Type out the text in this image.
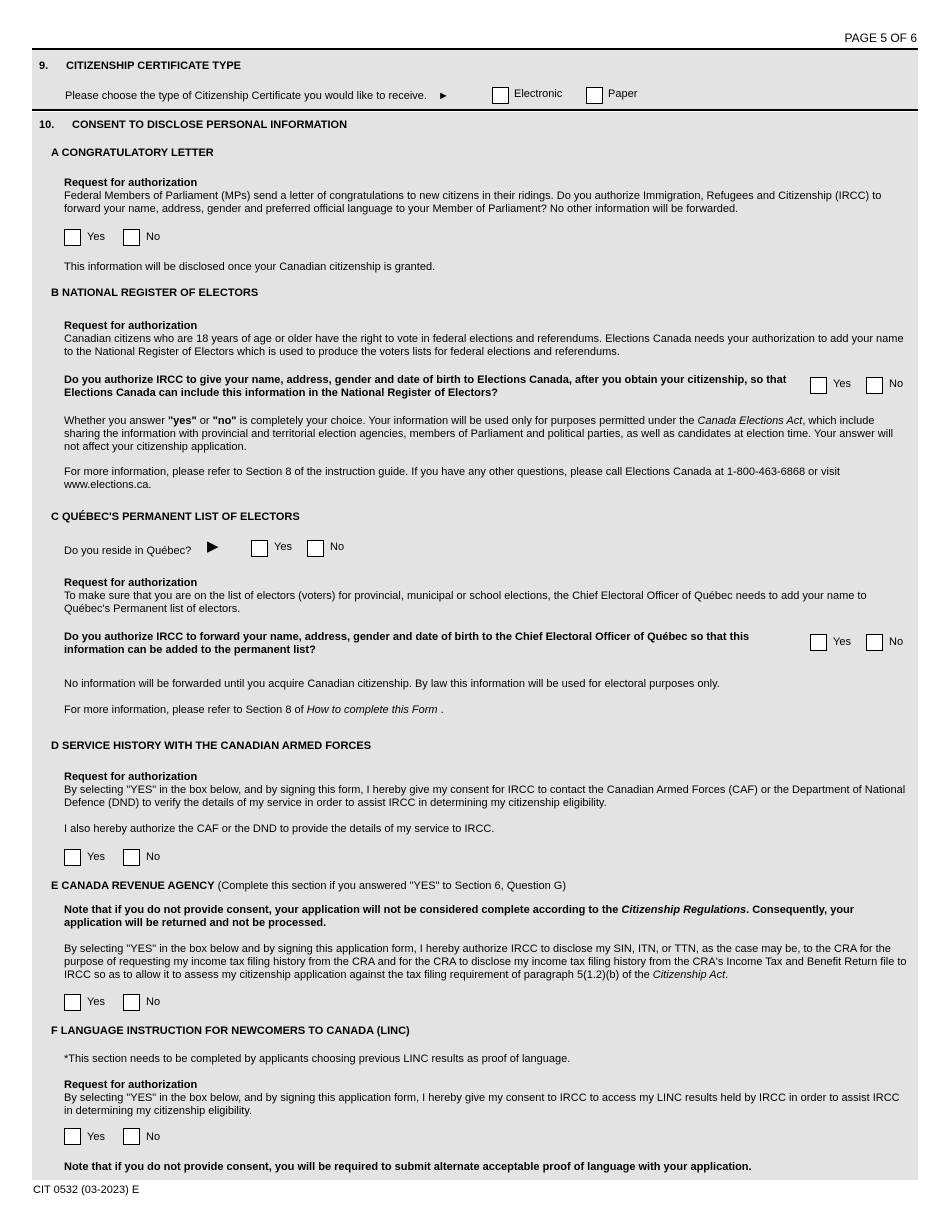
PAGE 5 OF 6
9. CITIZENSHIP CERTIFICATE TYPE
Please choose the type of Citizenship Certificate you would like to receive. ►	Electronic	Paper
10. CONSENT TO DISCLOSE PERSONAL INFORMATION
A CONGRATULATORY LETTER
Request for authorization
Federal Members of Parliament (MPs) send a letter of congratulations to new citizens in their ridings. Do you authorize Immigration, Refugees and Citizenship (IRCC) to forward your name, address, gender and preferred official language to your Member of Parliament? No other information will be forwarded.
Yes	No
This information will be disclosed once your Canadian citizenship is granted.
B NATIONAL REGISTER OF ELECTORS
Request for authorization
Canadian citizens who are 18 years of age or older have the right to vote in federal elections and referendums. Elections Canada needs your authorization to add your name to the National Register of Electors which is used to produce the voters lists for federal elections and referendums.
Do you authorize IRCC to give your name, address, gender and date of birth to Elections Canada, after you obtain your citizenship, so that Elections Canada can include this information in the National Register of Electors?
Yes	No
Whether you answer "yes" or "no" is completely your choice. Your information will be used only for purposes permitted under the Canada Elections Act, which include sharing the information with provincial and territorial election agencies, members of Parliament and political parties, as well as candidates at election time. Your answer will not affect your citizenship application.
For more information, please refer to Section 8 of the instruction guide. If you have any other questions, please call Elections Canada at 1-800-463-6868 or visit www.elections.ca.
C QUÉBEC'S PERMANENT LIST OF ELECTORS
Do you reside in Québec? ▶	Yes	No
Request for authorization
To make sure that you are on the list of electors (voters) for provincial, municipal or school elections, the Chief Electoral Officer of Québec needs to add your name to Québec's Permanent list of electors.
Do you authorize IRCC to forward your name, address, gender and date of birth to the Chief Electoral Officer of Québec so that this information can be added to the permanent list?
Yes	No
No information will be forwarded until you acquire Canadian citizenship. By law this information will be used for electoral purposes only.
For more information, please refer to Section 8 of How to complete this Form .
D SERVICE HISTORY WITH THE CANADIAN ARMED FORCES
Request for authorization
By selecting "YES" in the box below, and by signing this form, I hereby give my consent for IRCC to contact the Canadian Armed Forces (CAF) or the Department of National Defence (DND) to verify the details of my service in order to assist IRCC in determining my citizenship eligibility.
I also hereby authorize the CAF or the DND to provide the details of my service to IRCC.
Yes	No
E CANADA REVENUE AGENCY (Complete this section if you answered "YES" to Section 6, Question G)
Note that if you do not provide consent, your application will not be considered complete according to the Citizenship Regulations. Consequently, your application will be returned and not be processed.
By selecting "YES" in the box below and by signing this application form, I hereby authorize IRCC to disclose my SIN, ITN, or TTN, as the case may be, to the CRA for the purpose of requesting my income tax filing history from the CRA and for the CRA to disclose my income tax filing history from the CRA's Income Tax and Benefit Return file to IRCC so as to allow it to assess my citizenship application against the tax filing requirement of paragraph 5(1.2)(b) of the Citizenship Act.
Yes	No
F LANGUAGE INSTRUCTION FOR NEWCOMERS TO CANADA (LINC)
*This section needs to be completed by applicants choosing previous LINC results as proof of language.
Request for authorization
By selecting "YES" in the box below, and by signing this application form, I hereby give my consent to IRCC to access my LINC results held by IRCC in order to assist IRCC in determining my citizenship eligibility.
Yes	No
Note that if you do not provide consent, you will be required to submit alternate acceptable proof of language with your application.
CIT 0532 (03-2023) E
